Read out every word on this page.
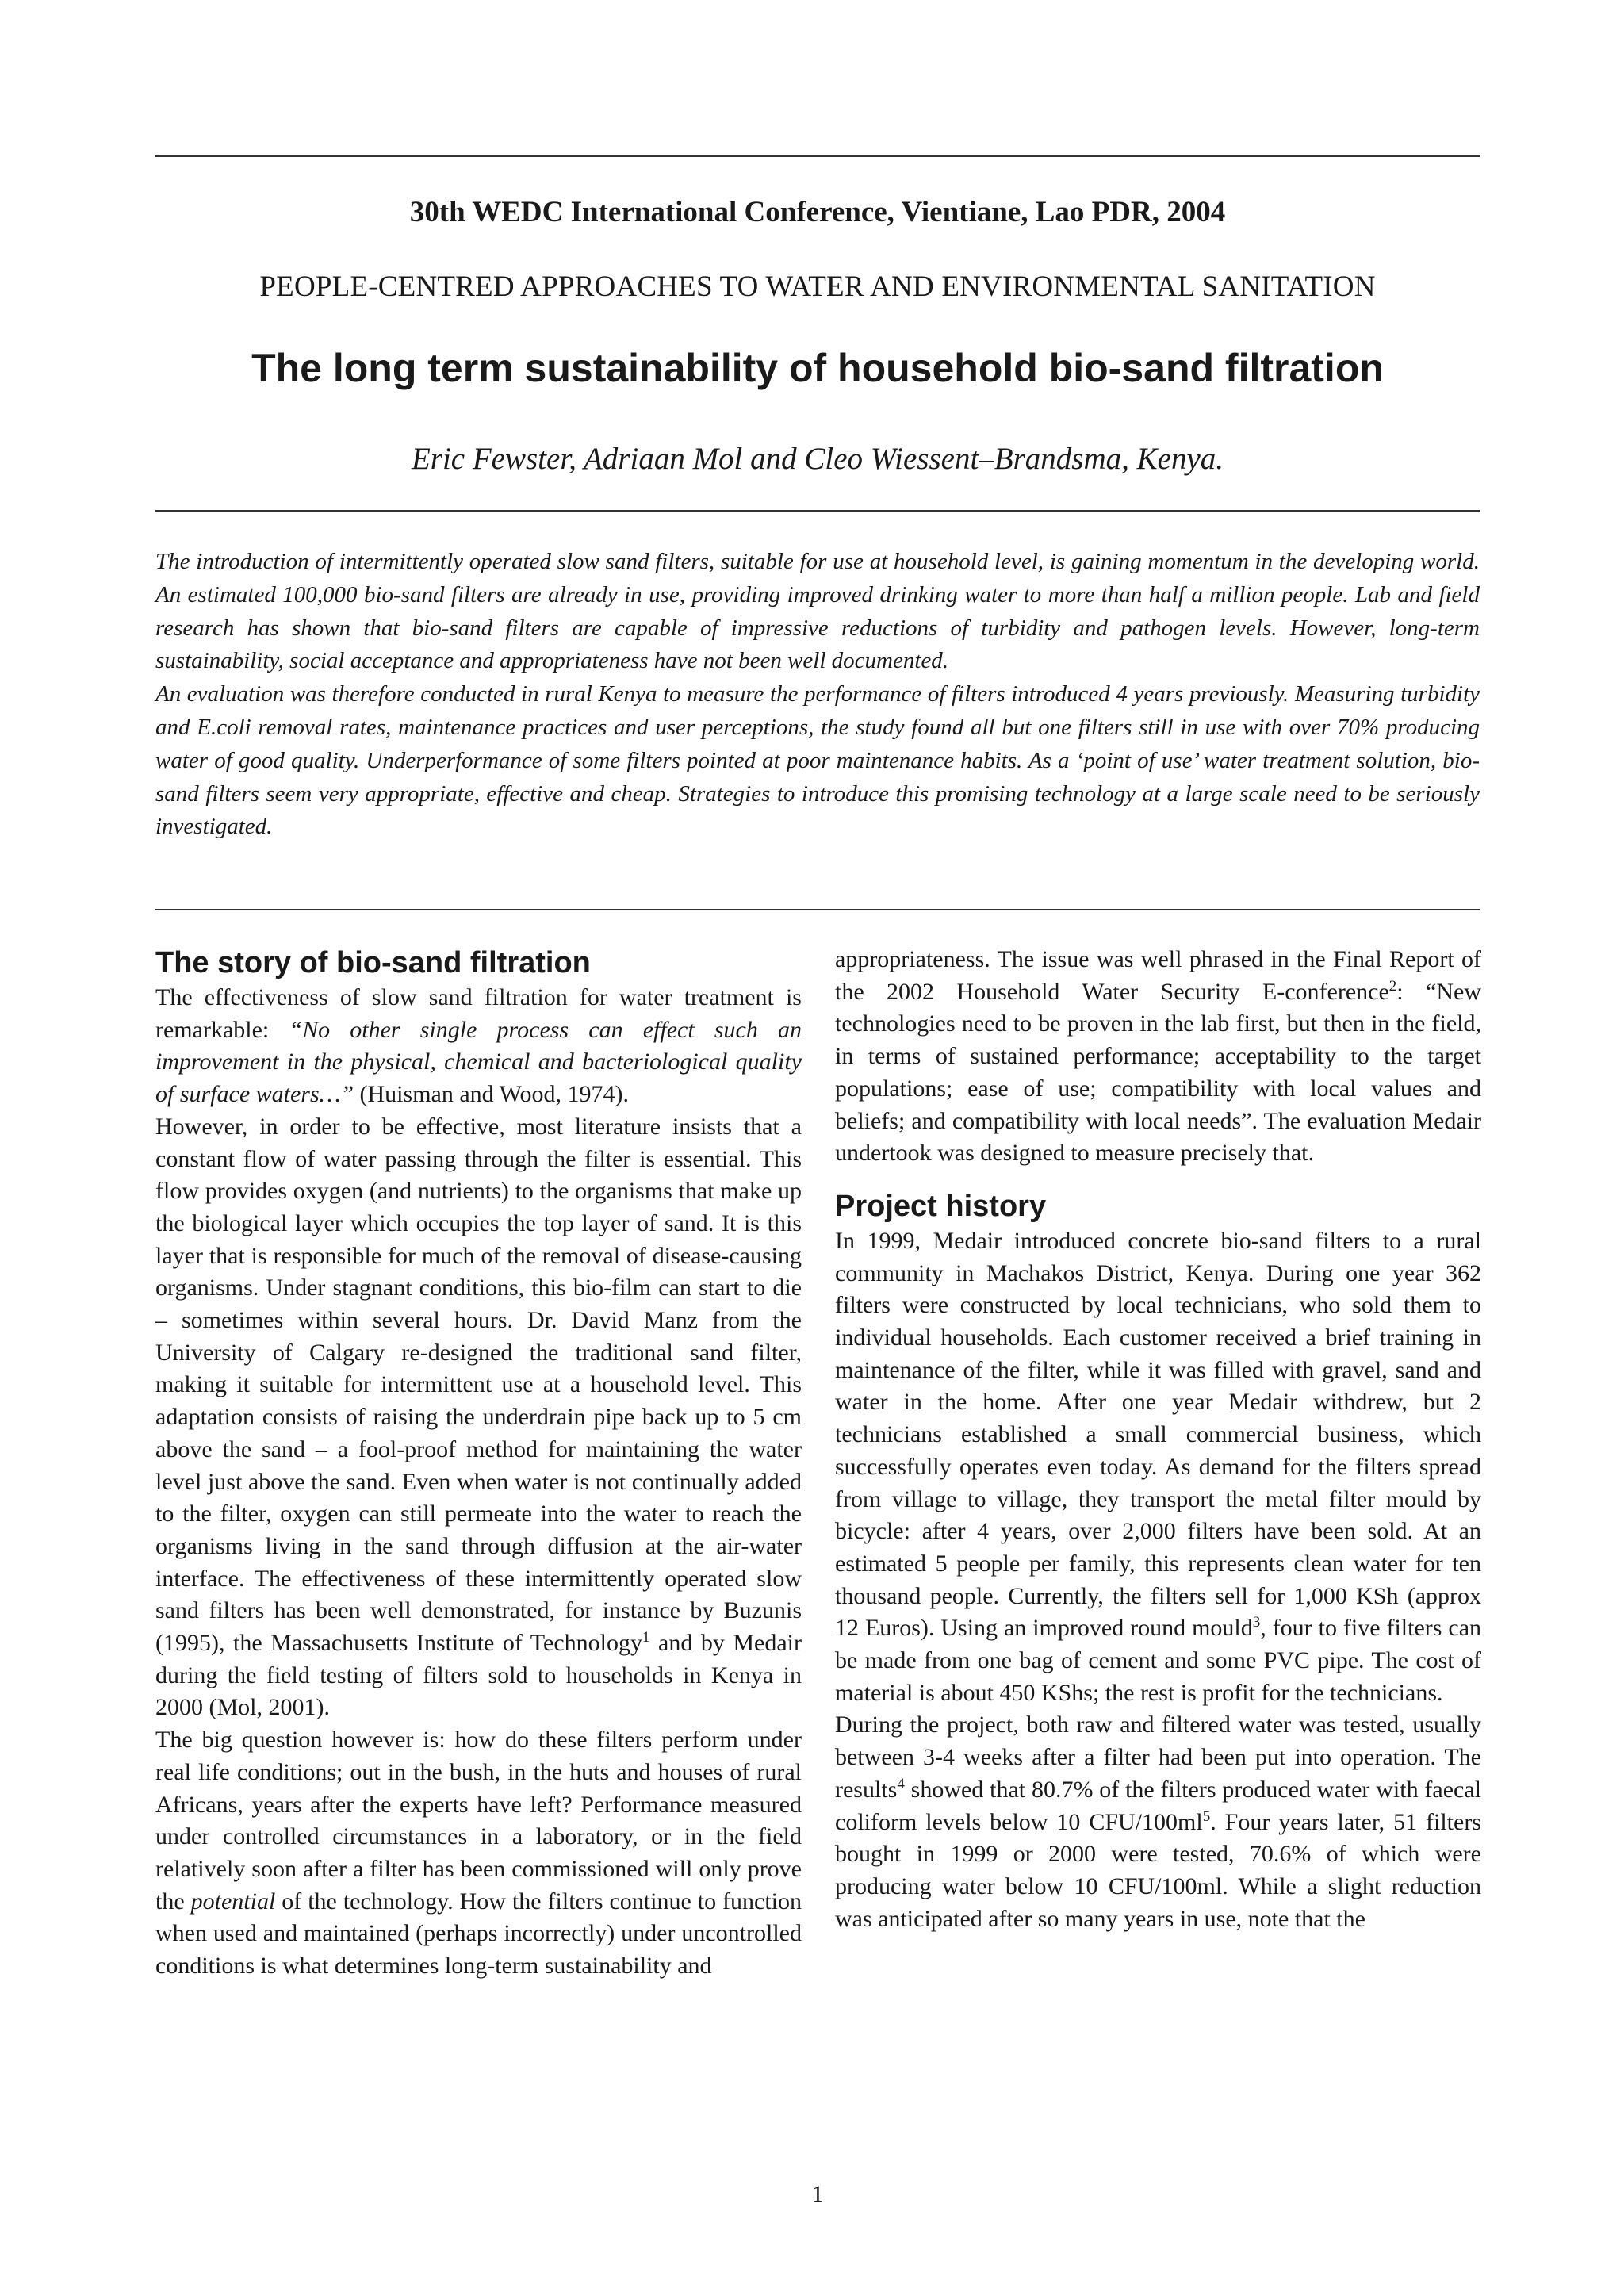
30th WEDC International Conference, Vientiane, Lao PDR, 2004
PEOPLE-CENTRED APPROACHES TO WATER AND ENVIRONMENTAL SANITATION
The long term sustainability of household bio-sand filtration
Eric Fewster, Adriaan Mol and Cleo Wiessent–Brandsma, Kenya.

The introduction of intermittently operated slow sand filters, suitable for use at household level, is gaining momentum in the developing world. An estimated 100,000 bio-sand filters are already in use, providing improved drinking water to more than half a million people. Lab and field research has shown that bio-sand filters are capable of impressive reductions of turbidity and pathogen levels. However, long-term sustainability, social acceptance and appropriateness have not been well documented.

An evaluation was therefore conducted in rural Kenya to measure the performance of filters introduced 4 years previously. Measuring turbidity and E.coli removal rates, maintenance practices and user perceptions, the study found all but one filters still in use with over 70% producing water of good quality. Underperformance of some filters pointed at poor maintenance habits. As a ‘point of use’ water treatment solution, bio-sand filters seem very appropriate, effective and cheap. Strategies to introduce this promising technology at a large scale need to be seriously investigated.

The story of bio-sand filtration

The effectiveness of slow sand filtration for water treatment is remarkable: “No other single process can effect such an improvement in the physical, chemical and bacteriological quality of surface waters…” (Huisman and Wood, 1974).

However, in order to be effective, most literature insists that a constant flow of water passing through the filter is essential. This flow provides oxygen (and nutrients) to the organisms that make up the biological layer which occupies the top layer of sand. It is this layer that is responsible for much of the removal of disease-causing organisms. Under stagnant conditions, this bio-film can start to die – sometimes within several hours. Dr. David Manz from the University of Calgary re-designed the traditional sand filter, making it suitable for intermittent use at a household level. This adaptation consists of raising the underdrain pipe back up to 5 cm above the sand – a fool-proof method for maintaining the water level just above the sand. Even when water is not continually added to the filter, oxygen can still permeate into the water to reach the organisms living in the sand through diffusion at the air-water interface. The effectiveness of these intermittently operated slow sand filters has been well demonstrated, for instance by Buzunis (1995), the Massachusetts Institute of Technology$^1$ and by Medair during the field testing of filters sold to households in Kenya in 2000 (Mol, 2001).

The big question however is: how do these filters perform under real life conditions; out in the bush, in the huts and houses of rural Africans, years after the experts have left? Performance measured under controlled circumstances in a laboratory, or in the field relatively soon after a filter has been commissioned will only prove the potential of the technology. How the filters continue to function when used and maintained (perhaps incorrectly) under uncontrolled conditions is what determines long-term sustainability and

appropriateness. The issue was well phrased in the Final Report of the 2002 Household Water Security E-conference$^2$: “New technologies need to be proven in the lab first, but then in the field, in terms of sustained performance; acceptability to the target populations; ease of use; compatibility with local values and beliefs; and compatibility with local needs”. The evaluation Medair undertook was designed to measure precisely that.

Project history

In 1999, Medair introduced concrete bio-sand filters to a rural community in Machakos District, Kenya. During one year 362 filters were constructed by local technicians, who sold them to individual households. Each customer received a brief training in maintenance of the filter, while it was filled with gravel, sand and water in the home. After one year Medair withdrew, but 2 technicians established a small commercial business, which successfully operates even today. As demand for the filters spread from village to village, they transport the metal filter mould by bicycle: after 4 years, over 2,000 filters have been sold. At an estimated 5 people per family, this represents clean water for ten thousand people. Currently, the filters sell for 1,000 KSh (approx 12 Euros). Using an improved round mould$^3$, four to five filters can be made from one bag of cement and some PVC pipe. The cost of material is about 450 KShs; the rest is profit for the technicians.

During the project, both raw and filtered water was tested, usually between 3-4 weeks after a filter had been put into operation. The results$^4$ showed that 80.7% of the filters produced water with faecal coliform levels below 10 CFU/$100ml^5$. Four years later, 51 filters bought in 1999 or 2000 were tested, 70.6% of which were producing water below 10 CFU/100ml. While a slight reduction was anticipated after so many years in use, note that the

1
